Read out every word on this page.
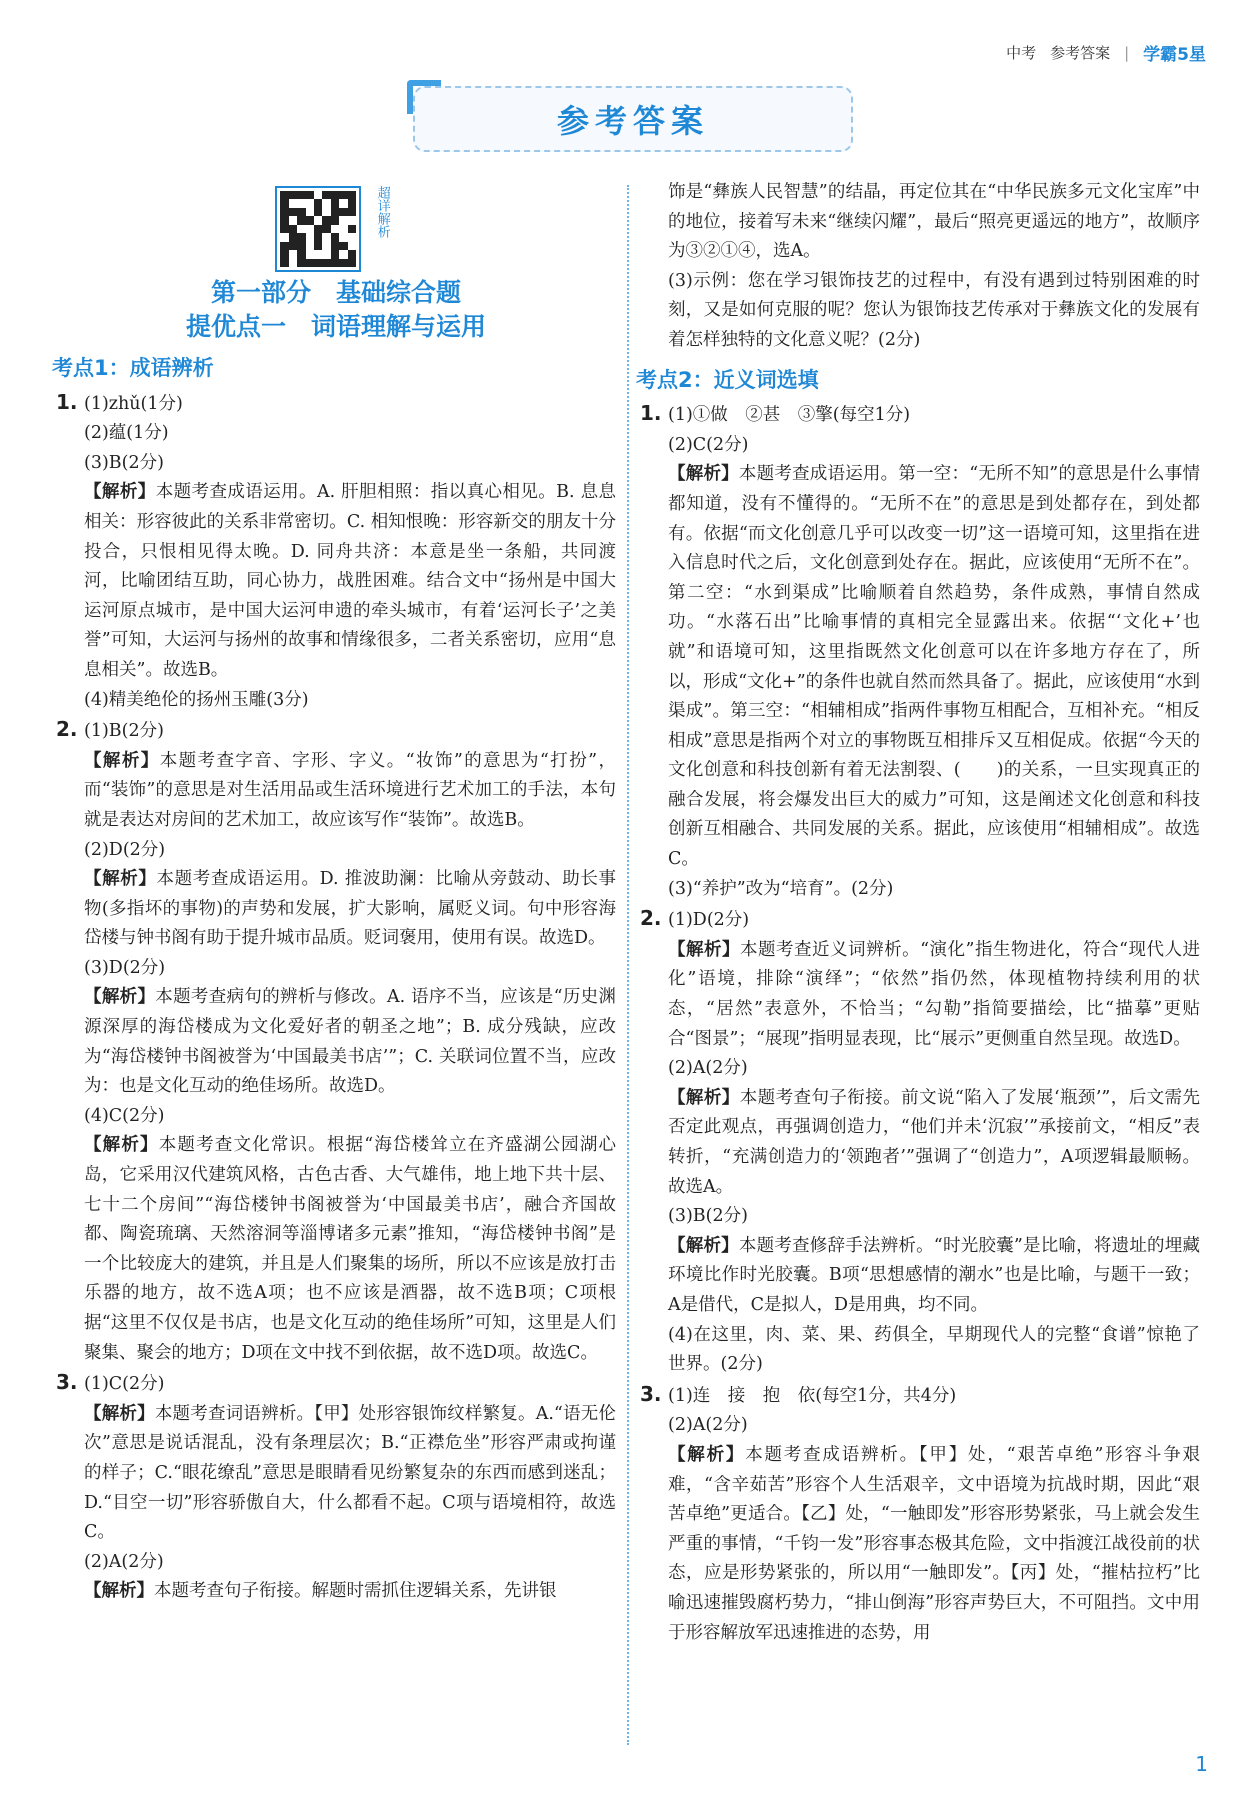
中考 参考答案 | 学霸5星
参考答案
超详解析
第一部分　基础综合题
提优点一　词语理解与运用
考点1：成语辨析
1. (1)zhǔ(1分)
(2)蕴(1分)
(3)B(2分)
【解析】本题考查成语运用。A. 肝胆相照：指以真心相见。B. 息息相关：形容彼此的关系非常密切。C. 相知恨晚：形容新交的朋友十分投合，只恨相见得太晚。D. 同舟共济：本意是坐一条船，共同渡河，比喻团结互助，同心协力，战胜困难。结合文中“扬州是中国大运河原点城市，是中国大运河申遗的牵头城市，有着‘运河长子’之美誉”可知，大运河与扬州的故事和情缘很多，二者关系密切，应用“息息相关”。故选B。
(4)精美绝伦的扬州玉雕(3分)
2. (1)B(2分)
【解析】本题考查字音、字形、字义。“妆饰”的意思为“打扮”，而“装饰”的意思是对生活用品或生活环境进行艺术加工的手法，本句就是表达对房间的艺术加工，故应该写作“装饰”。故选B。
(2)D(2分)
【解析】本题考查成语运用。D. 推波助澜：比喻从旁鼓动、助长事物(多指坏的事物)的声势和发展，扩大影响，属贬义词。句中形容海岱楼与钟书阁有助于提升城市品质。贬词褒用，使用有误。故选D。
(3)D(2分)
【解析】本题考查病句的辨析与修改。A. 语序不当，应该是“历史渊源深厚的海岱楼成为文化爱好者的朝圣之地”；B. 成分残缺，应改为“海岱楼钟书阁被誉为‘中国最美书店’”；C. 关联词位置不当，应改为：也是文化互动的绝佳场所。故选D。
(4)C(2分)
【解析】本题考查文化常识。根据“海岱楼耸立在齐盛湖公园湖心岛，它采用汉代建筑风格，古色古香、大气雄伟，地上地下共十层、七十二个房间”“海岱楼钟书阁被誉为‘中国最美书店’，融合齐国故都、陶瓷琉璃、天然溶洞等淄博诸多元素”推知，“海岱楼钟书阁”是一个比较庞大的建筑，并且是人们聚集的场所，所以不应该是放打击乐器的地方，故不选A项；也不应该是酒器，故不选B项；C项根据“这里不仅仅是书店，也是文化互动的绝佳场所”可知，这里是人们聚集、聚会的地方；D项在文中找不到依据，故不选D项。故选C。
3. (1)C(2分)
【解析】本题考查词语辨析。【甲】处形容银饰纹样繁复。A.“语无伦次”意思是说话混乱，没有条理层次；B.“正襟危坐”形容严肃或拘谨的样子；C.“眼花缭乱”意思是眼睛看见纷繁复杂的东西而感到迷乱；D.“目空一切”形容骄傲自大，什么都看不起。C项与语境相符，故选C。
(2)A(2分)
【解析】本题考查句子衔接。解题时需抓住逻辑关系，先讲银
饰是“彝族人民智慧”的结晶，再定位其在“中华民族多元文化宝库”中的地位，接着写未来“继续闪耀”，最后“照亮更遥远的地方”，故顺序为③②①④，选A。
(3)示例：您在学习银饰技艺的过程中，有没有遇到过特别困难的时刻，又是如何克服的呢？您认为银饰技艺传承对于彝族文化的发展有着怎样独特的文化意义呢？(2分)
考点2：近义词选填
1. (1)①做　②甚　③擎(每空1分)
(2)C(2分)
【解析】本题考查成语运用。第一空：“无所不知”的意思是什么事情都知道，没有不懂得的。“无所不在”的意思是到处都存在，到处都有。依据“而文化创意几乎可以改变一切”这一语境可知，这里指在进入信息时代之后，文化创意到处存在。据此，应该使用“无所不在”。第二空：“水到渠成”比喻顺着自然趋势，条件成熟，事情自然成功。“水落石出”比喻事情的真相完全显露出来。依据“‘文化+’也就”和语境可知，这里指既然文化创意可以在许多地方存在了，所以，形成“文化+”的条件也就自然而然具备了。据此，应该使用“水到渠成”。第三空：“相辅相成”指两件事物互相配合，互相补充。“相反相成”意思是指两个对立的事物既互相排斥又互相促成。依据“今天的文化创意和科技创新有着无法割裂、(　　)的关系，一旦实现真正的融合发展，将会爆发出巨大的威力”可知，这是阐述文化创意和科技创新互相融合、共同发展的关系。据此，应该使用“相辅相成”。故选C。
(3)“养护”改为“培育”。(2分)
2. (1)D(2分)
【解析】本题考查近义词辨析。“演化”指生物进化，符合“现代人进化”语境，排除“演绎”；“依然”指仍然，体现植物持续利用的状态，“居然”表意外，不恰当；“勾勒”指简要描绘，比“描摹”更贴合“图景”；“展现”指明显表现，比“展示”更侧重自然呈现。故选D。
(2)A(2分)
【解析】本题考查句子衔接。前文说“陷入了发展‘瓶颈’”，后文需先否定此观点，再强调创造力，“他们并未‘沉寂’”承接前文，“相反”表转折，“充满创造力的‘领跑者’”强调了“创造力”，A项逻辑最顺畅。故选A。
(3)B(2分)
【解析】本题考查修辞手法辨析。“时光胶囊”是比喻，将遗址的埋藏环境比作时光胶囊。B项“思想感情的潮水”也是比喻，与题干一致；A是借代，C是拟人，D是用典，均不同。
(4)在这里，肉、菜、果、药俱全，早期现代人的完整“食谱”惊艳了世界。(2分)
3. (1)连　接　抱　依(每空1分，共4分)
(2)A(2分)
【解析】本题考查成语辨析。【甲】处，“艰苦卓绝”形容斗争艰难，“含辛茹苦”形容个人生活艰辛，文中语境为抗战时期，因此“艰苦卓绝”更适合。【乙】处，“一触即发”形容形势紧张，马上就会发生严重的事情，“千钧一发”形容事态极其危险，文中指渡江战役前的状态，应是形势紧张的，所以用“一触即发”。【丙】处，“摧枯拉朽”比喻迅速摧毁腐朽势力，“排山倒海”形容声势巨大，不可阻挡。文中用于形容解放军迅速推进的态势，用
1
